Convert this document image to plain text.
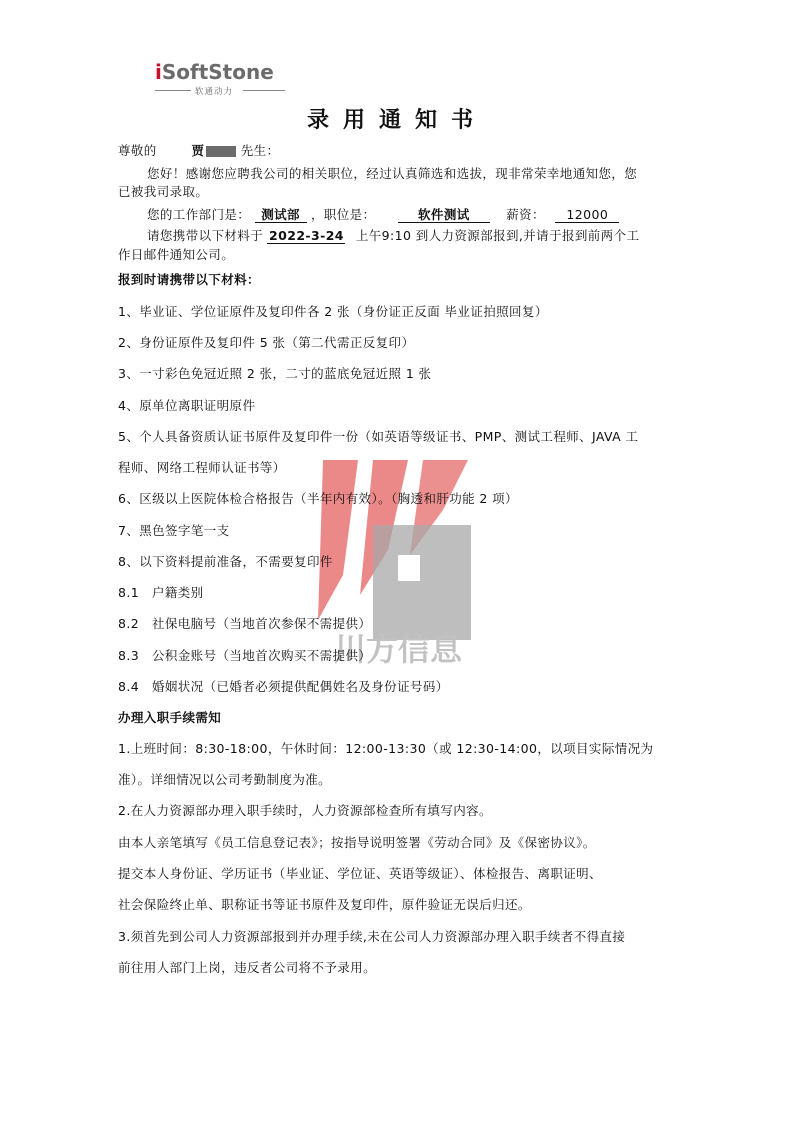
iSoftStone
软通动力
录用通知书
川方信息
尊敬的	贾	先生：
您好！感谢您应聘我公司的相关职位，经过认真筛选和选拔，现非常荣幸地通知您，您
已被我司录取。
您的工作部门是： 测试部 ，职位是：	软件测试	薪资： 12000
请您携带以下材料于 2022-3-24 上午9:10 到人力资源部报到,并请于报到前两个工
作日邮件通知公司。
报到时请携带以下材料：
1、毕业证、学位证原件及复印件各 2 张（身份证正反面 毕业证拍照回复）
2、身份证原件及复印件 5 张（第二代需正反复印）
3、一寸彩色免冠近照 2 张，二寸的蓝底免冠近照 1 张
4、原单位离职证明原件
5、个人具备资质认证书原件及复印件一份（如英语等级证书、PMP、测试工程师、JAVA 工
程师、网络工程师认证书等）
6、区级以上医院体检合格报告（半年内有效）。（胸透和肝功能 2 项）
7、黑色签字笔一支
8、以下资料提前准备，不需要复印件
8.1　户籍类别
8.2　社保电脑号（当地首次参保不需提供）
8.3　公积金账号（当地首次购买不需提供）
8.4　婚姻状况（已婚者必须提供配偶姓名及身份证号码）
办理入职手续需知
1.上班时间：8:30-18:00，午休时间：12:00-13:30（或 12:30-14:00，以项目实际情况为
准）。详细情况以公司考勤制度为准。
2.在人力资源部办理入职手续时，人力资源部检查所有填写内容。
由本人亲笔填写《员工信息登记表》；按指导说明签署《劳动合同》及《保密协议》。
提交本人身份证、学历证书（毕业证、学位证、英语等级证）、体检报告、离职证明、
社会保险终止单、职称证书等证书原件及复印件，原件验证无误后归还。
3.须首先到公司人力资源部报到并办理手续,未在公司人力资源部办理入职手续者不得直接
前往用人部门上岗，违反者公司将不予录用。
